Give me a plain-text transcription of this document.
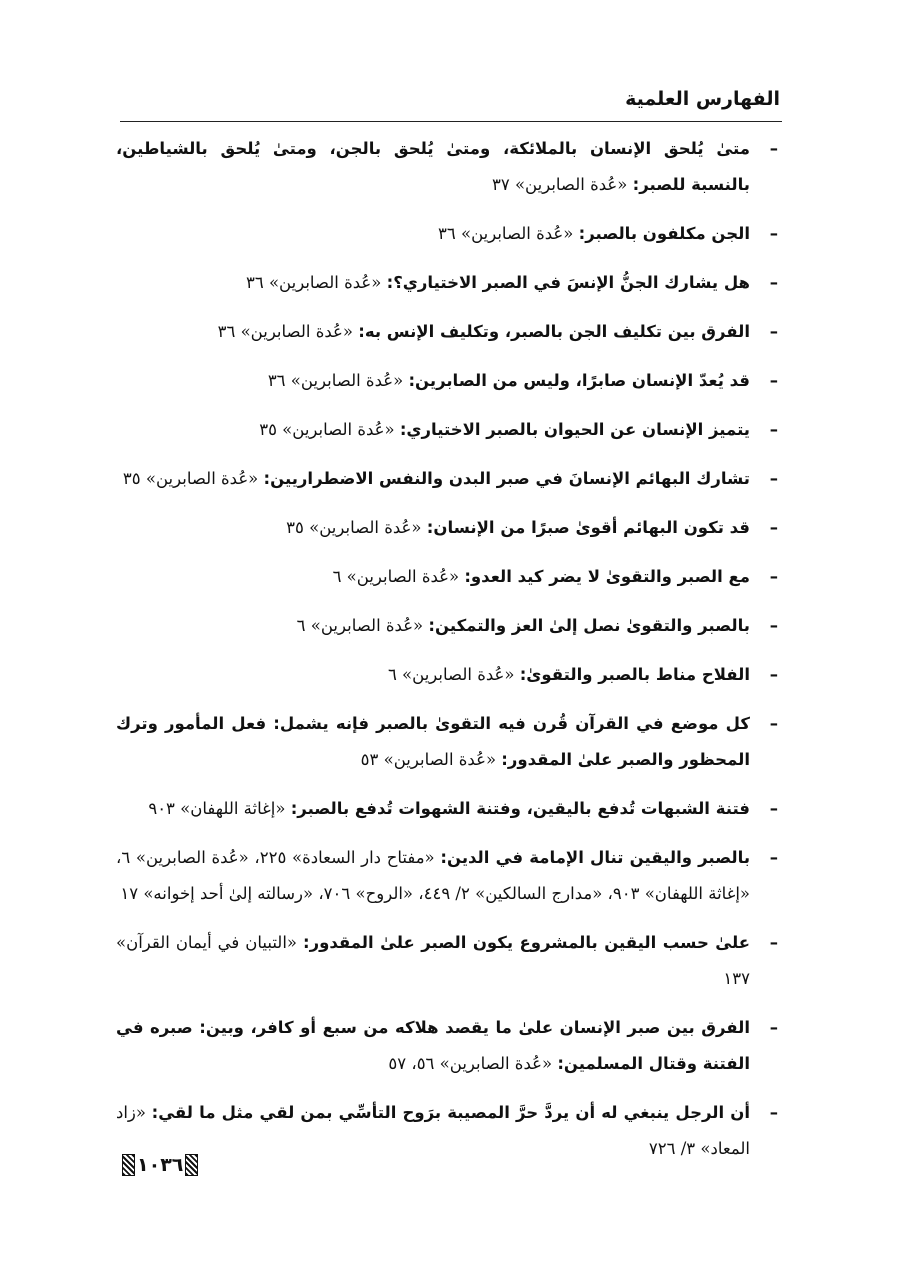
الفهارس العلمية
–
متىٰ يُلحق الإنسان بالملائكة، ومتىٰ يُلحق بالجن، ومتىٰ يُلحق بالشياطين، بالنسبة للصبر: «عُدة الصابرين» ٣٧
–
الجن مكلفون بالصبر: «عُدة الصابرين» ٣٦
–
هل يشارك الجنُّ الإنسَ في الصبر الاختياري؟: «عُدة الصابرين» ٣٦
–
الفرق بين تكليف الجن بالصبر، وتكليف الإنس به: «عُدة الصابرين» ٣٦
–
قد يُعدّ الإنسان صابرًا، وليس من الصابرين: «عُدة الصابرين» ٣٦
–
يتميز الإنسان عن الحيوان بالصبر الاختياري: «عُدة الصابرين» ٣٥
–
تشارك البهائم الإنسانَ في صبر البدن والنفس الاضطراريين: «عُدة الصابرين» ٣٥
–
قد تكون البهائم أقوىٰ صبرًا من الإنسان: «عُدة الصابرين» ٣٥
–
مع الصبر والتقوىٰ لا يضر كيد العدو: «عُدة الصابرين» ٦
–
بالصبر والتقوىٰ نصل إلىٰ العز والتمكين: «عُدة الصابرين» ٦
–
الفلاح مناط بالصبر والتقوىٰ: «عُدة الصابرين» ٦
–
كل موضع في القرآن قُرن فيه التقوىٰ بالصبر فإنه يشمل: فعل المأمور وترك المحظور والصبر علىٰ المقدور: «عُدة الصابرين» ٥٣
–
فتنة الشبهات تُدفع باليقين، وفتنة الشهوات تُدفع بالصبر: «إغاثة اللهفان» ٩٠٣
–
بالصبر واليقين تنال الإمامة في الدين: «مفتاح دار السعادة» ٢٢٥، «عُدة الصابرين» ٦، «إغاثة اللهفان» ٩٠٣، «مدارج السالكين» ٢/ ٤٤٩، «الروح» ٧٠٦، «رسالته إلىٰ أحد إخوانه» ١٧
–
علىٰ حسب اليقين بالمشروع يكون الصبر علىٰ المقدور: «التبيان في أيمان القرآن» ١٣٧
–
الفرق بين صبر الإنسان علىٰ ما يقصد هلاكه من سبع أو كافر، وبين: صبره في الفتنة وقتال المسلمين: «عُدة الصابرين» ٥٦، ٥٧
–
أن الرجل ينبغي له أن يردَّ حرَّ المصيبة برَوح التأسِّي بمن لقي مثل ما لقي: «زاد المعاد» ٣/ ٧٢٦
١٠٣٦
